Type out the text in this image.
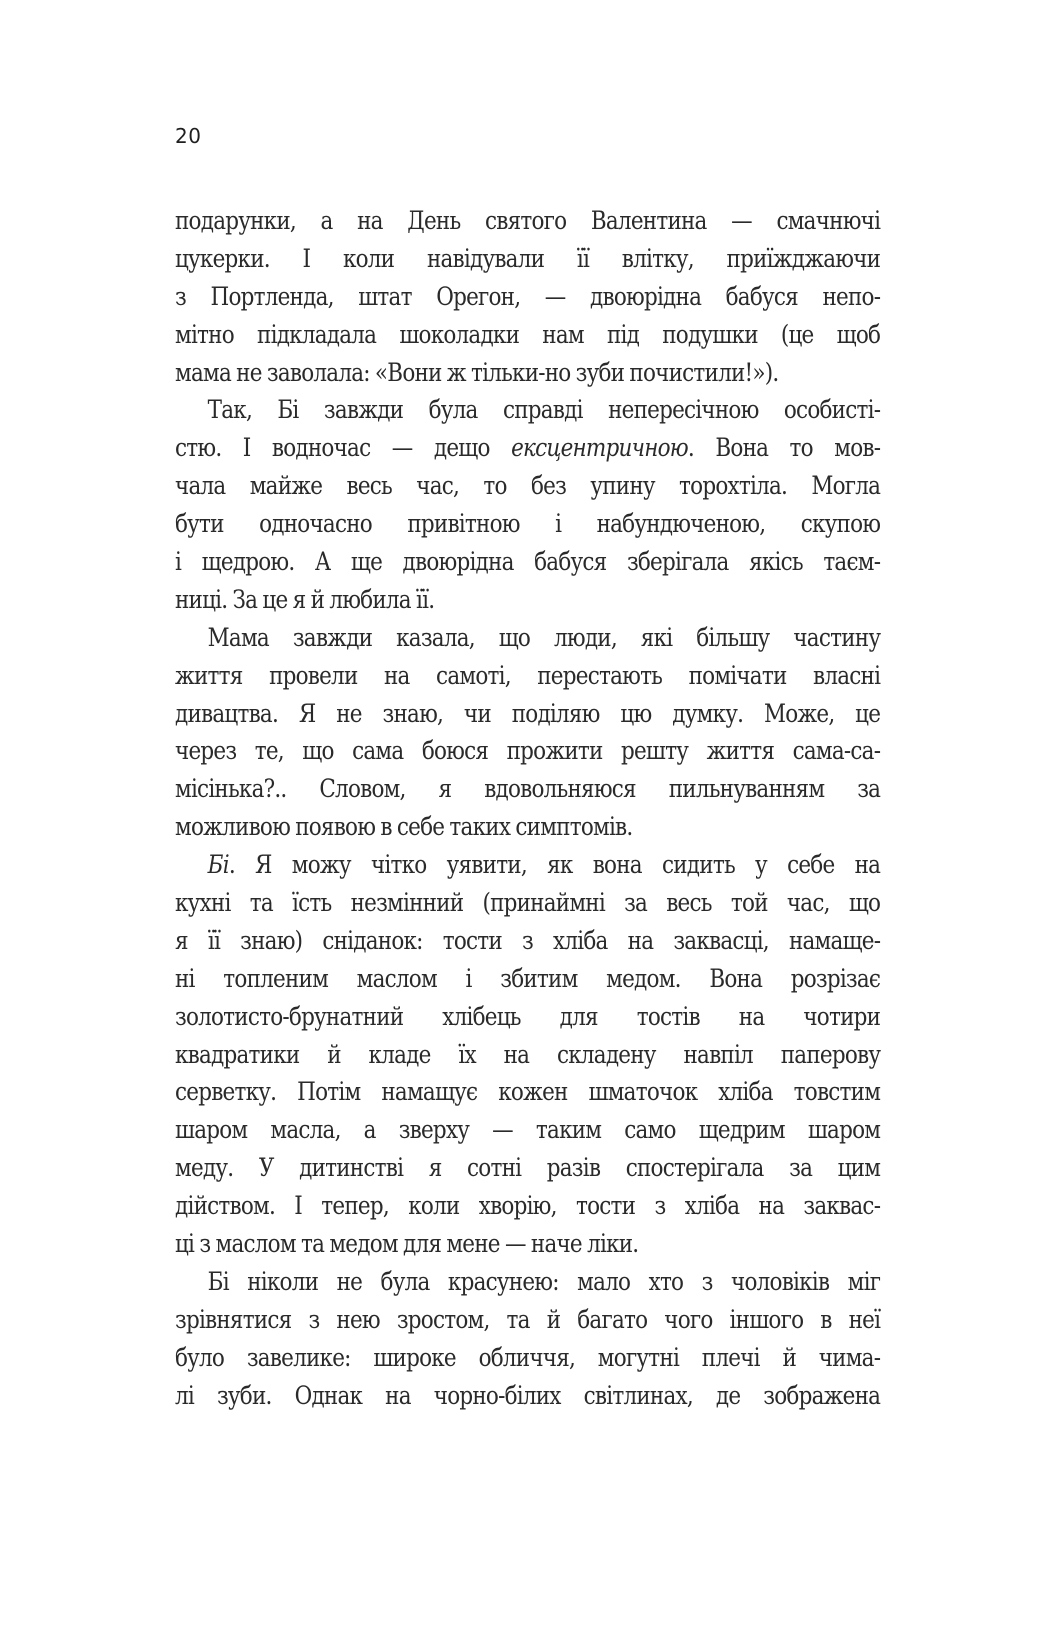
20
подарунки, а на День святого Валентина — смачнючі
цукерки. І коли навідували її влітку, приїжджаючи
з Портленда, штат Орегон, — двоюрідна бабуся непо-
мітно підкладала шоколадки нам під подушки (це щоб
мама не заволала: «Вони ж тільки-но зуби почистили!»).
Так, Бі завжди була справді непересічною особисті-
стю. І водночас — дещо ексцентричною. Вона то мов-
чала майже весь час, то без упину торохтіла. Могла
бути одночасно привітною і набундюченою, скупою
і щедрою. А ще двоюрідна бабуся зберігала якісь таєм-
ниці. За це я й любила її.
Мама завжди казала, що люди, які більшу частину
життя провели на самоті, перестають помічати власні
дивацтва. Я не знаю, чи поділяю цю думку. Може, це
через те, що сама боюся прожити решту життя сама-са-
місінька?.. Словом, я вдовольняюся пильнуванням за
можливою появою в себе таких симптомів.
Бі. Я можу чітко уявити, як вона сидить у себе на
кухні та їсть незмінний (принаймні за весь той час, що
я її знаю) сніданок: тости з хліба на заквасці, намаще-
ні топленим маслом і збитим медом. Вона розрізає
золотисто-брунатний хлібець для тостів на чотири
квадратики й кладе їх на складену навпіл паперову
серветку. Потім намащує кожен шматочок хліба товстим
шаром масла, а зверху — таким само щедрим шаром
меду. У дитинстві я сотні разів спостерігала за цим
дійством. І тепер, коли хворію, тости з хліба на заквас-
ці з маслом та медом для мене — наче ліки.
Бі ніколи не була красунею: мало хто з чоловіків міг
зрівнятися з нею зростом, та й багато чого іншого в неї
було завелике: широке обличчя, могутні плечі й чима-
лі зуби. Однак на чорно-білих світлинах, де зображена
